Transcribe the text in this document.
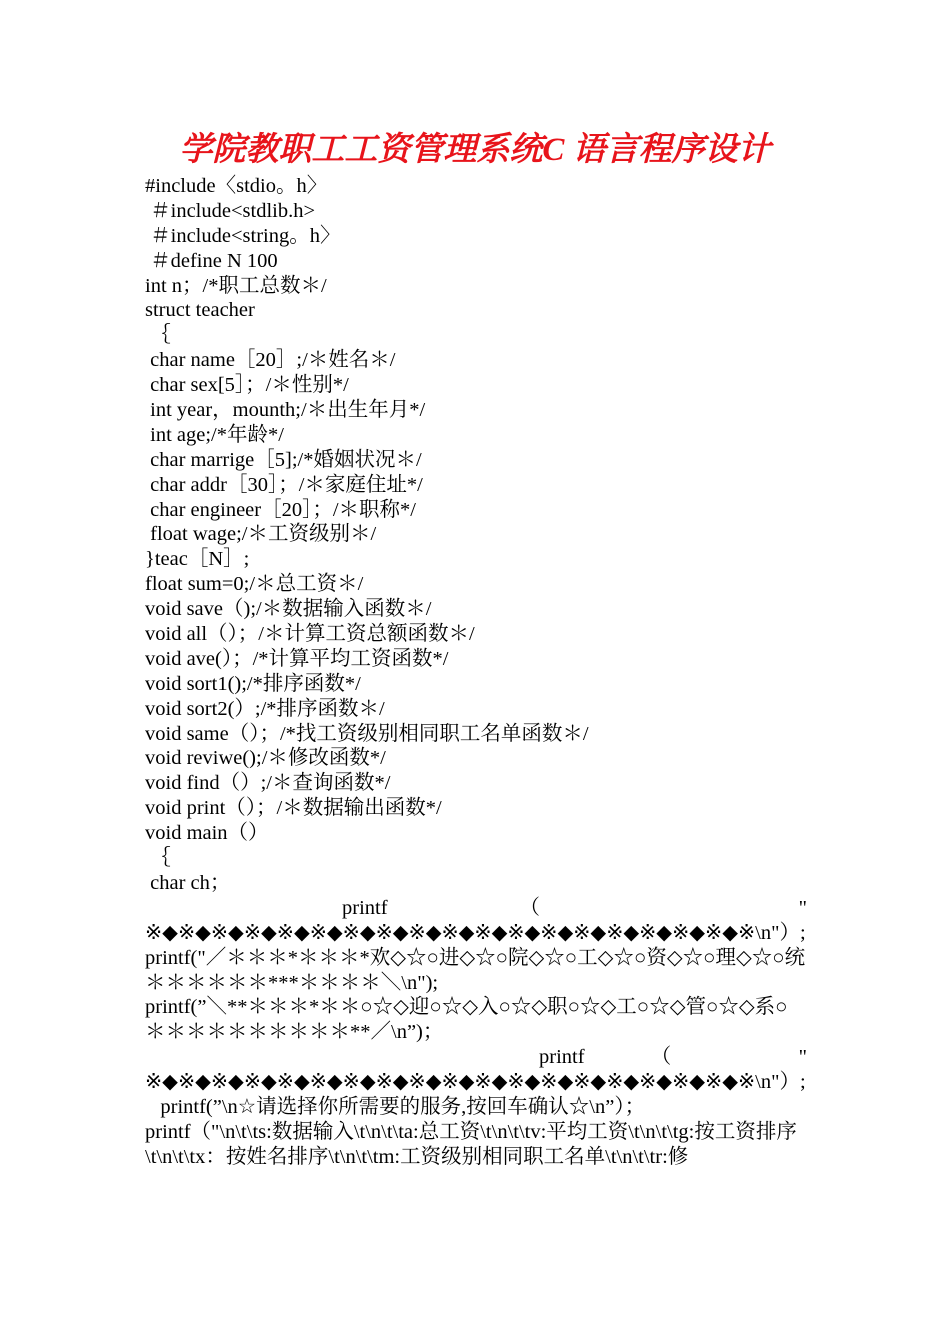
学院教职工工资管理系统C 语言程序设计
#include〈stdio。h〉
＃include<stdlib.h>
＃include<string。h〉
＃define N 100
int n；/*职工总数＊/
struct teacher
｛
char name［20］;/＊姓名＊/
char sex[5］；/＊性别*/
int year，mounth;/＊出生年月*/
int age;/*年龄*/
char marrige［5];/*婚姻状况＊/
char addr［30］；/＊家庭住址*/
char engineer［20］；/＊职称*/
float wage;/＊工资级别＊/
}teac［N］;
float sum=0;/＊总工资＊/
void save（);/＊数据输入函数＊/
void all（）；/＊计算工资总额函数＊/
void ave(）；/*计算平均工资函数*/
void sort1();/*排序函数*/
void sort2(）;/*排序函数＊/
void same（）；/*找工资级别相同职工名单函数＊/
void reviwe();/＊修改函数*/
void find（）;/＊查询函数*/
void print（）；/＊数据输出函数*/
void main（）
｛
char ch；
printf	（	"
※◆※◆※◆※◆※◆※◆※◆※◆※◆※◆※◆※◆※◆※◆※◆※◆※◆※◆※\n"）;
printf("／＊＊＊*＊＊＊*欢◇☆○进◇☆○院◇☆○工◇☆○资◇☆○理◇☆○统＊＊＊＊＊＊***＊＊＊＊＼\n");
printf(”＼**＊＊＊*＊＊○☆◇迎○☆◇入○☆◇职○☆◇工○☆◇管○☆◇系○＊＊＊＊＊＊＊＊＊＊**／\n”)；
printf	（	"
※◆※◆※◆※◆※◆※◆※◆※◆※◆※◆※◆※◆※◆※◆※◆※◆※◆※◆※\n"）;
printf(”\n☆请选择你所需要的服务,按回车确认☆\n”）；
printf（"\n\t\ts:数据输入\t\n\t\ta:总工资\t\n\t\tv:平均工资\t\n\t\tg:按工资排序\t\n\t\tx：按姓名排序\t\n\t\tm:工资级别相同职工名单\t\n\t\tr:修
